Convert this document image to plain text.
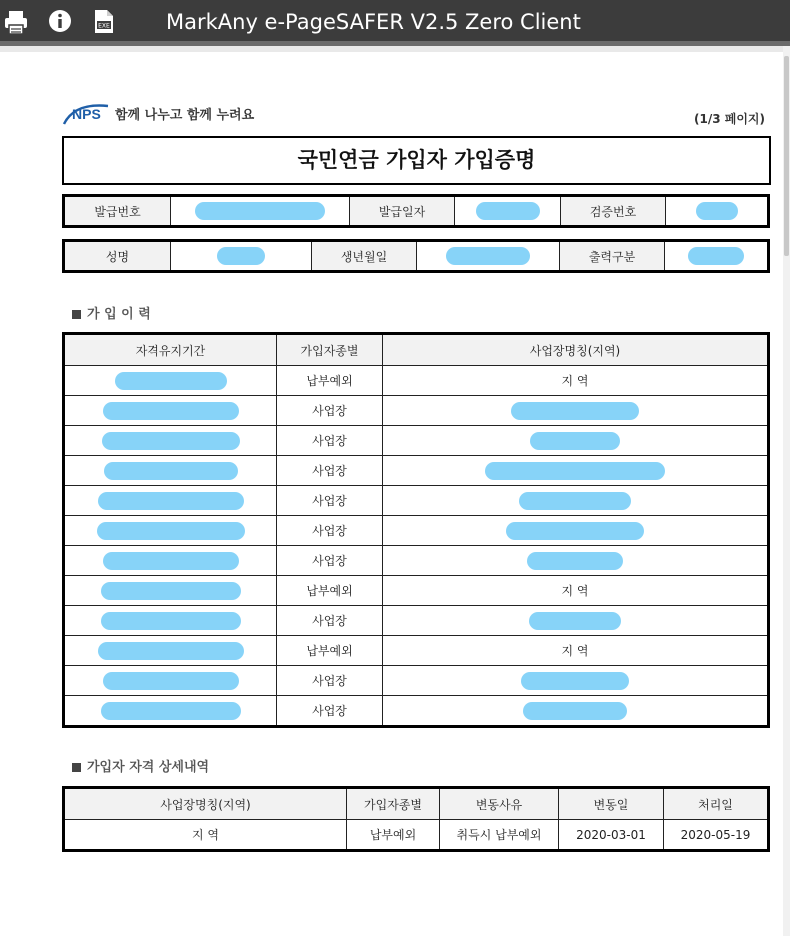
EXE	MarkAny e-PageSAFER V2.5 Zero Client
NPS 함께 나누고 함께 누려요	(1/3 페이지)
국민연금 가입자 가입증명
발급번호		발급일자		검증번호	
성명		생년월일		출력구분	
가 입 이 력
자격유지기간	가입자종별	사업장명칭(지역)
	납부예외	지 역
	사업장	
	사업장	
	사업장	
	사업장	
	사업장	
	사업장	
	납부예외	지 역
	사업장	
	납부예외	지 역
	사업장	
	사업장	
가입자 자격 상세내역
사업장명칭(지역)	가입자종별	변동사유	변동일	처리일
지 역	납부예외	취득시 납부예외	2020-03-01	2020-05-19
